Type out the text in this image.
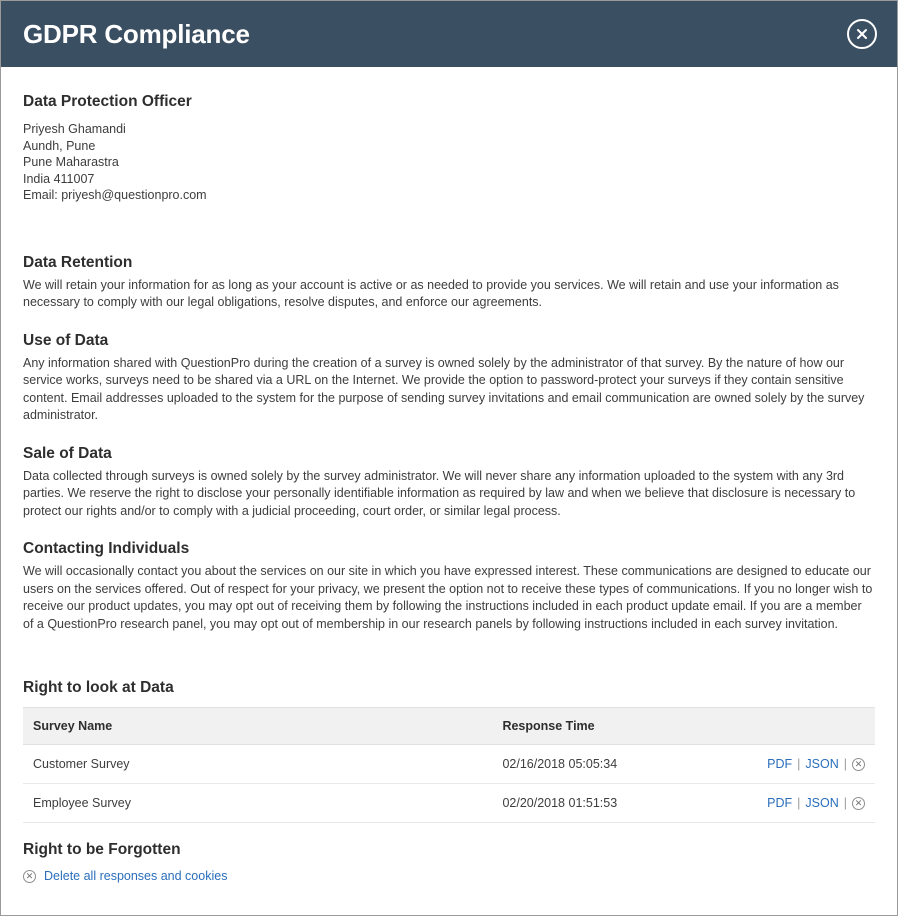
GDPR Compliance
Data Protection Officer
Priyesh Ghamandi
Aundh, Pune
Pune Maharastra
India 411007
Email: priyesh@questionpro.com
Data Retention

We will retain your information for as long as your account is active or as needed to provide you services. We will retain and use your information as necessary to comply with our legal obligations, resolve disputes, and enforce our agreements.

Use of Data

Any information shared with QuestionPro during the creation of a survey is owned solely by the administrator of that survey. By the nature of how our service works, surveys need to be shared via a URL on the Internet. We provide the option to password-protect your surveys if they contain sensitive content. Email addresses uploaded to the system for the purpose of sending survey invitations and email communication are owned solely by the survey administrator.

Sale of Data

Data collected through surveys is owned solely by the survey administrator. We will never share any information uploaded to the system with any 3rd parties. We reserve the right to disclose your personally identifiable information as required by law and when we believe that disclosure is necessary to protect our rights and/or to comply with a judicial proceeding, court order, or similar legal process.

Contacting Individuals

We will occasionally contact you about the services on our site in which you have expressed interest. These communications are designed to educate our users on the services offered. Out of respect for your privacy, we present the option not to receive these types of communications. If you no longer wish to receive our product updates, you may opt out of receiving them by following the instructions included in each product update email. If you are a member of a QuestionPro research panel, you may opt out of membership in our research panels by following instructions included in each survey invitation.

Right to look at Data
Survey Name	Response Time
Customer Survey	02/16/2018 05:05:34	PDF | JSON | ✕

Employee Survey	02/20/2018 01:51:53	PDF | JSON | ✕
Right to be Forgotten
✕ Delete all responses and cookies
